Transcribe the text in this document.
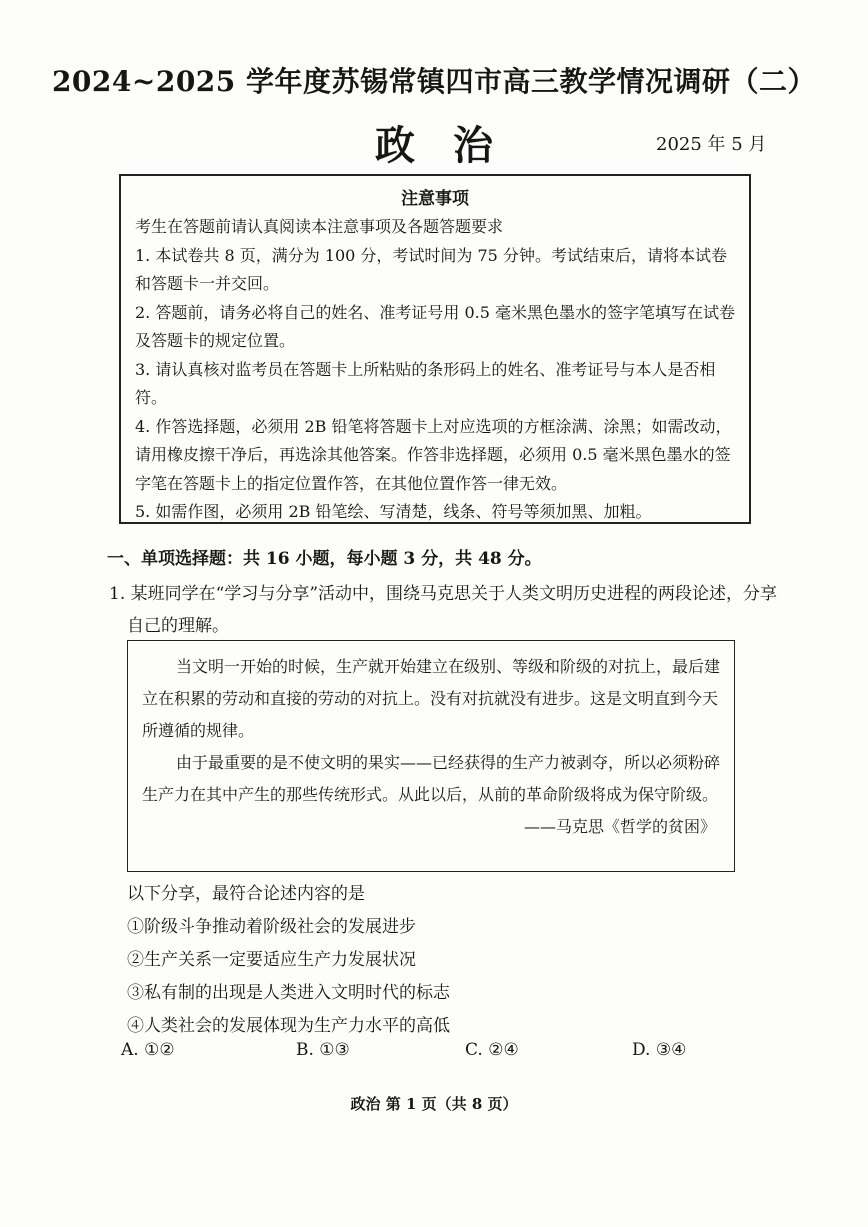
2024~2025 学年度苏锡常镇四市高三教学情况调研（二）
政治	2025 年 5 月
注意事项

考生在答题前请认真阅读本注意事项及各题答题要求

1. 本试卷共 8 页，满分为 100 分，考试时间为 75 分钟。考试结束后，请将本试卷和答题卡一并交回。

2. 答题前，请务必将自己的姓名、准考证号用 0.5 毫米黑色墨水的签字笔填写在试卷及答题卡的规定位置。

3. 请认真核对监考员在答题卡上所粘贴的条形码上的姓名、准考证号与本人是否相符。

4. 作答选择题，必须用 2B 铅笔将答题卡上对应选项的方框涂满、涂黑；如需改动，请用橡皮擦干净后，再选涂其他答案。作答非选择题，必须用 0.5 毫米黑色墨水的签字笔在答题卡上的指定位置作答，在其他位置作答一律无效。

5. 如需作图，必须用 2B 铅笔绘、写清楚，线条、符号等须加黑、加粗。

一、单项选择题：共 16 小题，每小题 3 分，共 48 分。
1. 某班同学在“学习与分享”活动中，围绕马克思关于人类文明历史进程的两段论述，分享自己的理解。

当文明一开始的时候，生产就开始建立在级别、等级和阶级的对抗上，最后建立在积累的劳动和直接的劳动的对抗上。没有对抗就没有进步。这是文明直到今天所遵循的规律。

由于最重要的是不使文明的果实——已经获得的生产力被剥夺，所以必须粉碎生产力在其中产生的那些传统形式。从此以后，从前的革命阶级将成为保守阶级。

——马克思《哲学的贫困》

以下分享，最符合论述内容的是
①阶级斗争推动着阶级社会的发展进步
②生产关系一定要适应生产力发展状况
③私有制的出现是人类进入文明时代的标志
④人类社会的发展体现为生产力水平的高低
A. ①②	B. ①③	C. ②④	D. ③④
政治 第 1 页（共 8 页）
